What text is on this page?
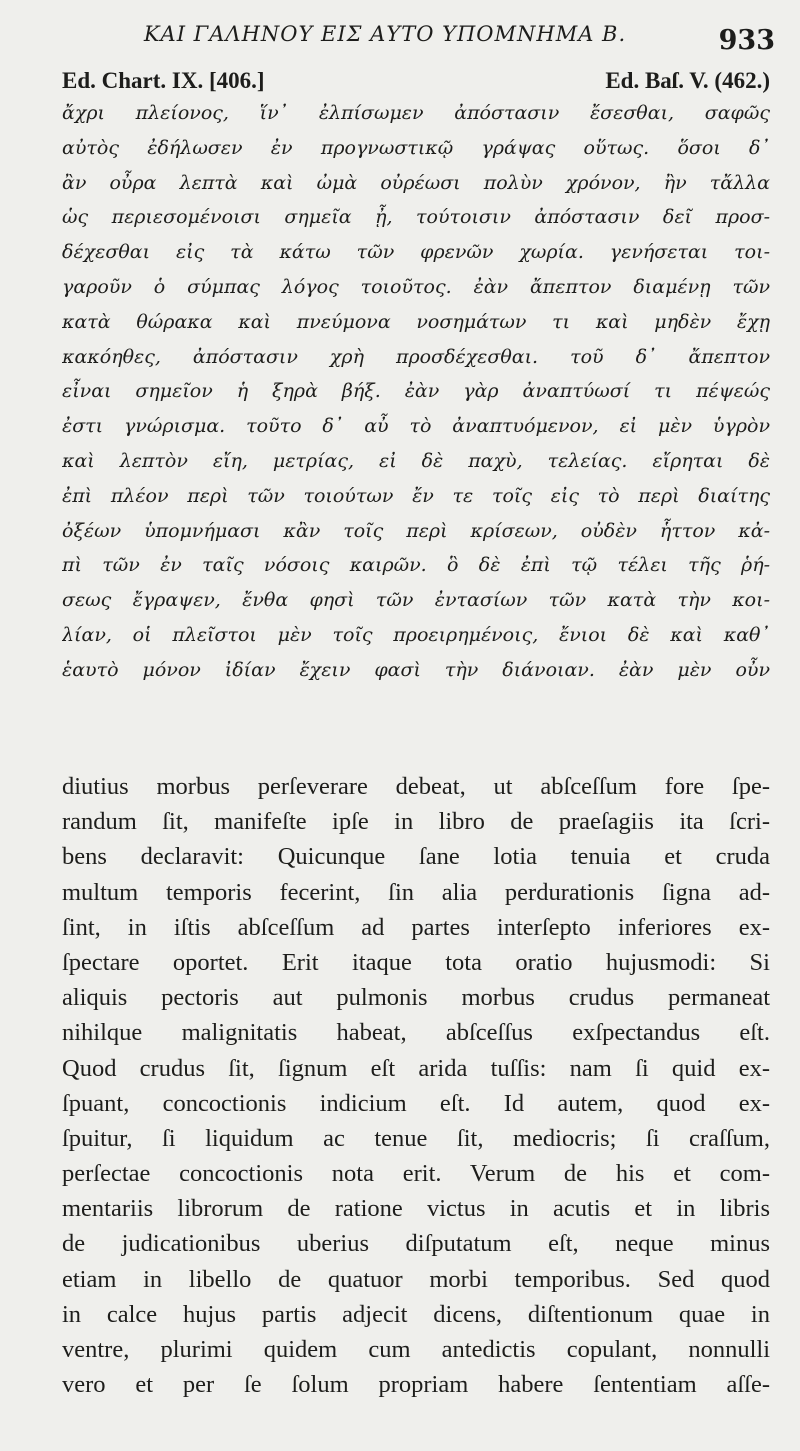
ΚΑΙ ΓΑΛΗΝΟΥ ΕΙΣ ΑΥΤΟ ΥΠΟΜΝΗΜΑ Β.	933
Ed. Chart. IX. [406.]	Ed. Baſ. V. (462.)
ἄχρι πλείονος, ἵν᾽ ἐλπίσωμεν ἀπόστασιν ἔσεσθαι, σαφῶς
αὐτὸς ἐδήλωσεν ἐν προγνωστικῷ γράψας οὕτως. ὅσοι δ᾽
ἂν οὖρα λεπτὰ καὶ ὠμὰ οὐρέωσι πολὺν χρόνον, ἢν τἄλλα
ὡς περιεσομένοισι σημεῖα ᾖ, τούτοισιν ἀπόστασιν δεῖ προσ-
δέχεσθαι εἰς τὰ κάτω τῶν φρενῶν χωρία. γενήσεται τοι-
γαροῦν ὁ σύμπας λόγος τοιοῦτος. ἐὰν ἄπεπτον διαμένῃ τῶν
κατὰ θώρακα καὶ πνεύμονα νοσημάτων τι καὶ μηδὲν ἔχῃ
κακόηθες, ἀπόστασιν χρὴ προσδέχεσθαι. τοῦ δ᾽ ἄπεπτον
εἶναι σημεῖον ἡ ξηρὰ βήξ. ἐὰν γὰρ ἀναπτύωσί τι πέψεώς
ἐστι γνώρισμα. τοῦτο δ᾽ αὖ τὸ ἀναπτυόμενον, εἰ μὲν ὑγρὸν
καὶ λεπτὸν εἴη, μετρίας, εἰ δὲ παχὺ, τελείας. εἴρηται δὲ
ἐπὶ πλέον περὶ τῶν τοιούτων ἔν τε τοῖς εἰς τὸ περὶ διαίτης
ὀξέων ὑπομνήμασι κἂν τοῖς περὶ κρίσεων, οὐδὲν ἧττον κἀ-
πὶ τῶν ἐν ταῖς νόσοις καιρῶν. ὃ δὲ ἐπὶ τῷ τέλει τῆς ῥή-
σεως ἔγραψεν, ἔνθα φησὶ τῶν ἐντασίων τῶν κατὰ τὴν κοι-
λίαν, οἱ πλεῖστοι μὲν τοῖς προειρημένοις, ἔνιοι δὲ καὶ καθ᾽
ἑαυτὸ μόνον ἰδίαν ἔχειν φασὶ τὴν διάνοιαν. ἐὰν μὲν οὖν
diutius morbus perſeverare debeat, ut abſceſſum fore ſpe-
randum ſit, manifeſte ipſe in libro de praeſagiis ita ſcri-
bens declaravit: Quicunque ſane lotia tenuia et cruda
multum temporis fecerint, ſin alia perdurationis ſigna ad-
ſint, in iſtis abſceſſum ad partes interſepto inferiores ex-
ſpectare oportet. Erit itaque tota oratio hujusmodi: Si
aliquis pectoris aut pulmonis morbus crudus permaneat
nihilque malignitatis habeat, abſceſſus exſpectandus eſt.
Quod crudus ſit, ſignum eſt arida tuſſis: nam ſi quid ex-
ſpuant, concoctionis indicium eſt. Id autem, quod ex-
ſpuitur, ſi liquidum ac tenue ſit, mediocris; ſi craſſum,
perſectae concoctionis nota erit. Verum de his et com-
mentariis librorum de ratione victus in acutis et in libris
de judicationibus uberius diſputatum eſt, neque minus
etiam in libello de quatuor morbi temporibus. Sed quod
in calce hujus partis adjecit dicens, diſtentionum quae in
ventre, plurimi quidem cum antedictis copulant, nonnulli
vero et per ſe ſolum propriam habere ſententiam aſſe-
